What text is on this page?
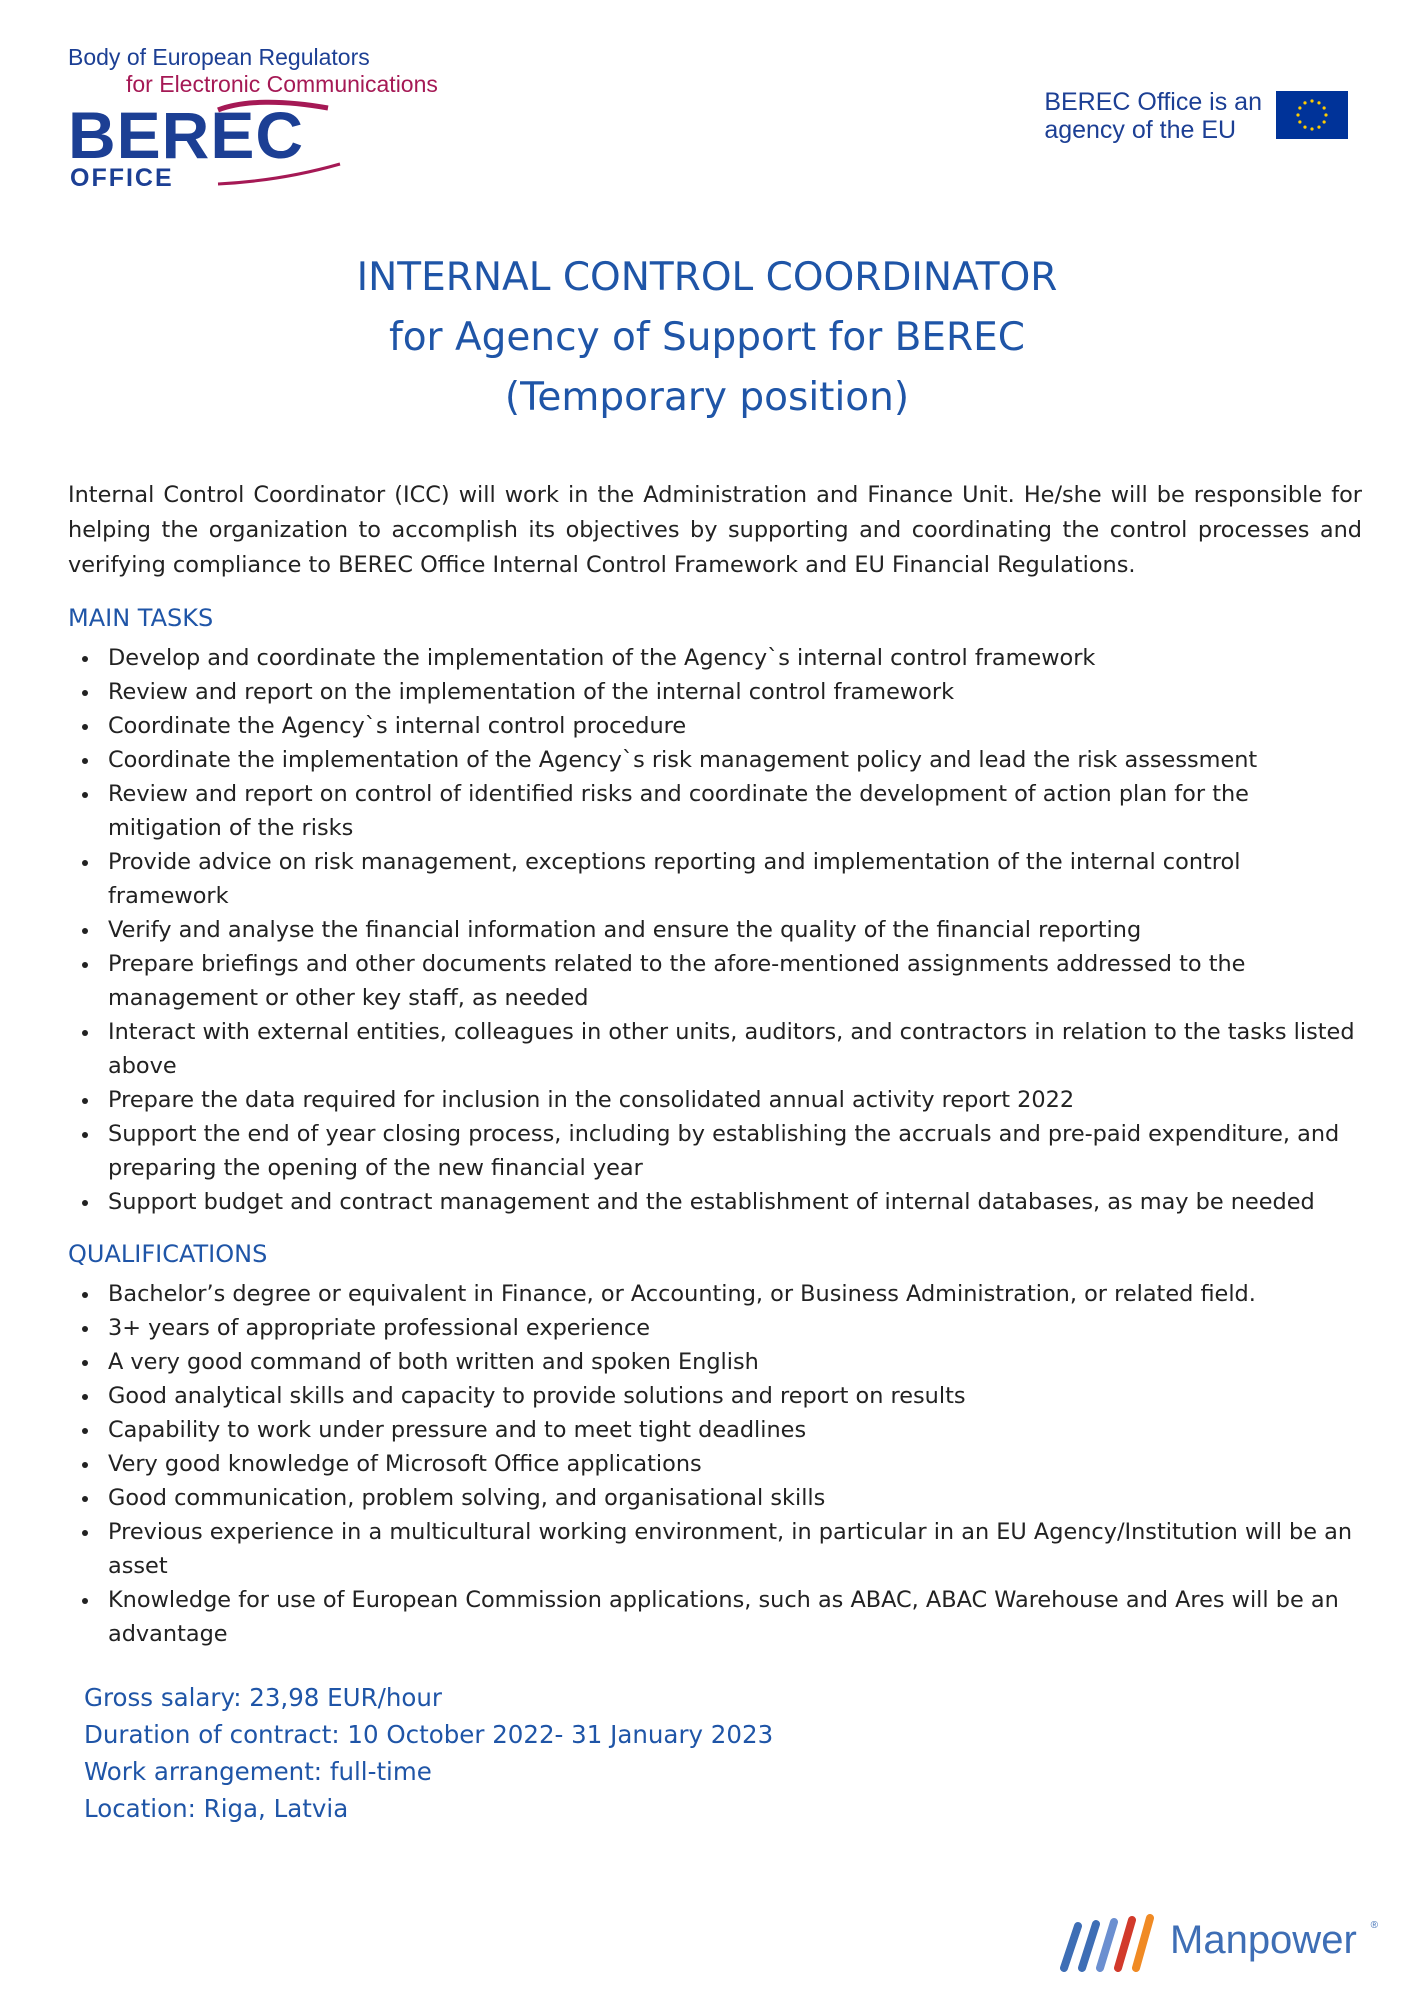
Body of European Regulators
for Electronic Communications
BEREC
OFFICE
BEREC Office is an
agency of the EU
INTERNAL CONTROL COORDINATOR
for Agency of Support for BEREC
(Temporary position)

Internal Control Coordinator (ICC) will work in the Administration and Finance Unit. He/she will be responsible for helping the organization to accomplish its objectives by supporting and coordinating the control processes and verifying compliance to BEREC Office Internal Control Framework and EU Financial Regulations.

MAIN TASKS
Develop and coordinate the implementation of the Agency`s internal control framework
Review and report on the implementation of the internal control framework
Coordinate the Agency`s internal control procedure
Coordinate the implementation of the Agency`s risk management policy and lead the risk assessment
Review and report on control of identified risks and coordinate the development of action plan for the mitigation of the risks
Provide advice on risk management, exceptions reporting and implementation of the internal control framework
Verify and analyse the financial information and ensure the quality of the financial reporting
Prepare briefings and other documents related to the afore-mentioned assignments addressed to the management or other key staff, as needed
Interact with external entities, colleagues in other units, auditors, and contractors in relation to the tasks listed above
Prepare the data required for inclusion in the consolidated annual activity report 2022
Support the end of year closing process, including by establishing the accruals and pre-paid expenditure, and preparing the opening of the new financial year
Support budget and contract management and the establishment of internal databases, as may be needed
QUALIFICATIONS
Bachelor’s degree or equivalent in Finance, or Accounting, or Business Administration, or related field.
3+ years of appropriate professional experience
A very good command of both written and spoken English
Good analytical skills and capacity to provide solutions and report on results
Capability to work under pressure and to meet tight deadlines
Very good knowledge of Microsoft Office applications
Good communication, problem solving, and organisational skills
Previous experience in a multicultural working environment, in particular in an EU Agency/Institution will be an asset
Knowledge for use of European Commission applications, such as ABAC, ABAC Warehouse and Ares will be an advantage
Gross salary: 23,98 EUR/hour
Duration of contract: 10 October 2022- 31 January 2023
Work arrangement: full-time
Location: Riga, Latvia
Manpower ®
